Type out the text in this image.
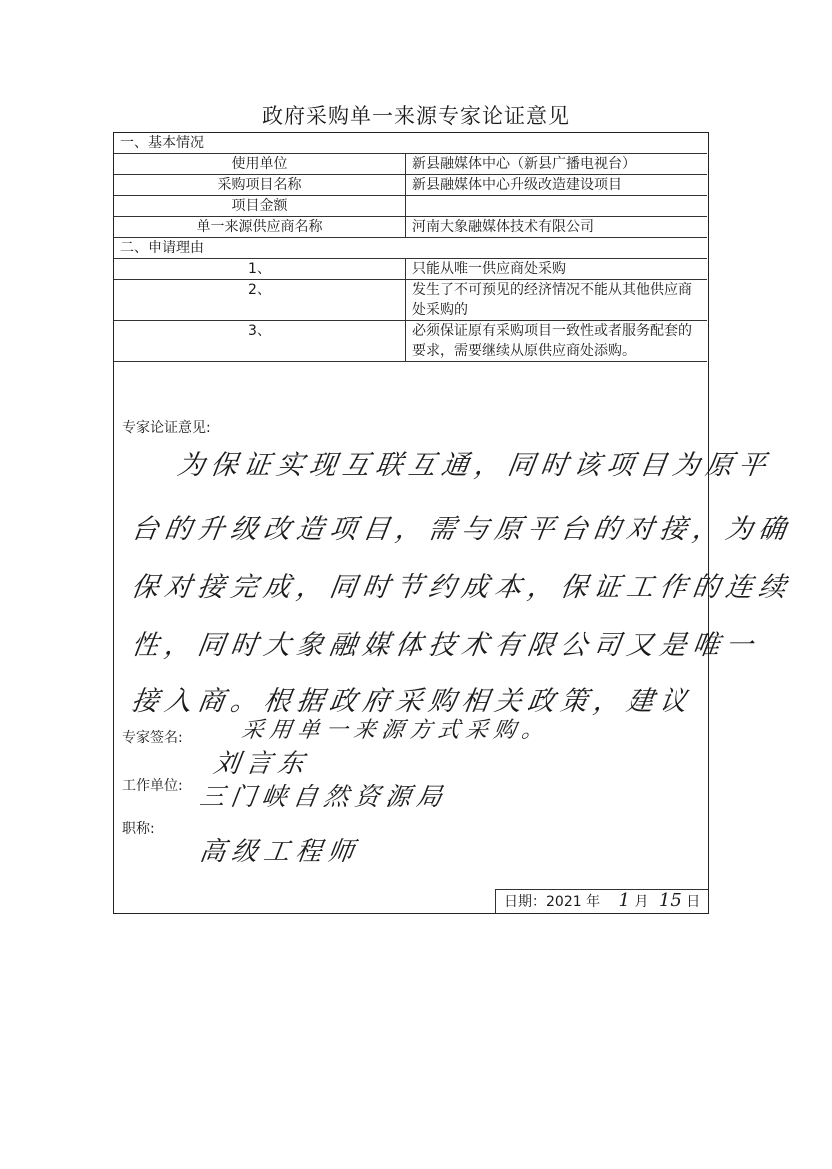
政府采购单一来源专家论证意见
一、基本情况	
使用单位	新县融媒体中心（新县广播电视台）
采购项目名称	新县融媒体中心升级改造建设项目
项目金额	
单一来源供应商名称	河南大象融媒体技术有限公司
二、申请理由	
1、	只能从唯一供应商处采购
2、	发生了不可预见的经济情况不能从其他供应商处采购的
3、	必须保证原有采购项目一致性或者服务配套的要求，需要继续从原供应商处添购。
专家论证意见:
为保证实现互联互通，同时该项目为原平
台的升级改造项目，需与原平台的对接，为确
保对接完成，同时节约成本，保证工作的连续
性，同时大象融媒体技术有限公司又是唯一
接入商。根据政府采购相关政策，建议
采用单一来源方式采购。
专家签名:
刘言东
工作单位: 三门峡自然资源局
职称:
高级工程师
日期：2021 年 1 月 15 日
